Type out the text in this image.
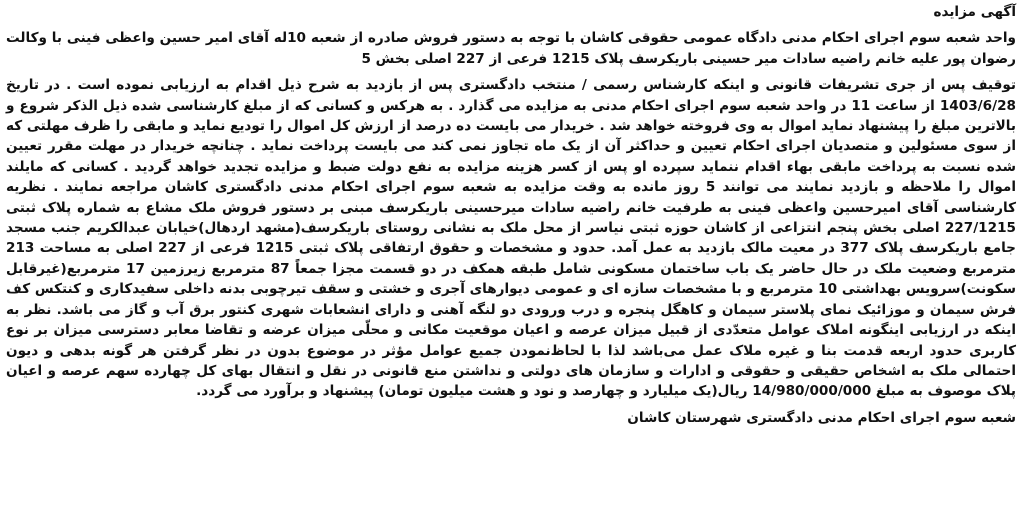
آگهی مزایده

واحد شعبه سوم اجرای احکام مدنی دادگاه عمومی حقوقی کاشان با توجه به دستور فروش صادره از شعبه 10له آقای امیر حسین واعظی فینی با وکالت رضوان پور علیه خانم راضیه سادات میر حسینی باریکرسف پلاک 1215 فرعی از 227 اصلی بخش 5

توقیف پس از جری تشریفات قانونی و اینکه کارشناس رسمی / منتخب دادگستری پس از بازدید به شرح ذیل اقدام به ارزیابی نموده است . در تاریخ 1403/6/28 از ساعت 11 در واحد شعبه سوم اجرای احکام مدنی به مزایده می گذارد . به هرکس و کسانی که از مبلغ کارشناسی شده ذیل الذکر شروع و بالاترین مبلغ را پیشنهاد نماید اموال به وی فروخته خواهد شد . خریدار می بایست ده درصد از ارزش کل اموال را تودیع نماید و مابقی را ظرف مهلتی که از سوی مسئولین و متصدیان اجرای احکام تعیین و حداکثر آن از یک ماه تجاوز نمی کند می بایست پرداخت نماید . چنانچه خریدار در مهلت مقرر تعیین شده نسبت به پرداخت مابقی بهاء اقدام ننماید سپرده او پس از کسر هزینه مزایده به نفع دولت ضبط و مزایده تجدید خواهد گردید . کسانی که مایلند اموال را ملاحظه و بازدید نمایند می توانند 5 روز مانده به وقت مزایده به شعبه سوم اجرای احکام مدنی دادگستری کاشان مراجعه نمایند . نظریه کارشناسی آقای امیرحسین واعظی فینی به طرفیت خانم راضیه سادات میرحسینی باریکرسف مبنی بر دستور فروش ملک مشاع به شماره پلاک ثبتی 227/1215 اصلی بخش پنجم انتزاعی از کاشان حوزه ثبتی نیاسر از محل ملک به نشانی روستای باریکرسف(مشهد اردهال)خیابان عبدالکریم جنب مسجد جامع باریکرسف پلاک 377 در معیت مالک بازدید به عمل آمد. حدود و مشخصات و حقوق ارتفاقی پلاک ثبتی 1215 فرعی از 227 اصلی به مساحت 213 مترمربع وضعیت ملک در حال حاضر یک باب ساختمان مسکونی شامل طبقه همکف در دو قسمت مجزا جمعاً 87 مترمربع زیرزمین 17 مترمربع(غیرقابل سکونت)سرویس بهداشتی 10 مترمربع و با مشخصات سازه ای و عمومی دیوارهای آجری و خشتی و سقف تیرچوبی بدنه داخلی سفیدکاری و کنتکس کف فرش سیمان و موزائیک نمای پلاستر سیمان و کاهگل پنجره و درب ورودی دو لنگه آهنی و دارای انشعابات شهری کنتور برق آب و گاز می باشد. نظر به اینکه در ارزیابی اینگونه املاک عوامل متعدّدی از قبیل میزان عرصه و اعیان موقعیت مکانی و محلّی میزان عرضه و تقاضا معابر دسترسی میزان بر نوع کاربری حدود اربعه قدمت بنا و غیره ملاک عمل می‌باشد لذا با لحاظ‌نمودن جمیع عوامل مؤثر در موضوع بدون در نظر گرفتن هر گونه بدهی و دیون احتمالی ملک به اشخاص حقیقی و حقوقی و ادارات و سازمان های دولتی و نداشتن منع قانونی در نقل و انتقال بهای کل چهارده سهم عرصه و اعیان پلاک موصوف به مبلغ 14/980/000/000 ریال(یک میلیارد و چهارصد و نود و هشت میلیون تومان) پیشنهاد و برآورد می گردد.

شعبه سوم اجرای احکام مدنی دادگستری شهرستان کاشان
